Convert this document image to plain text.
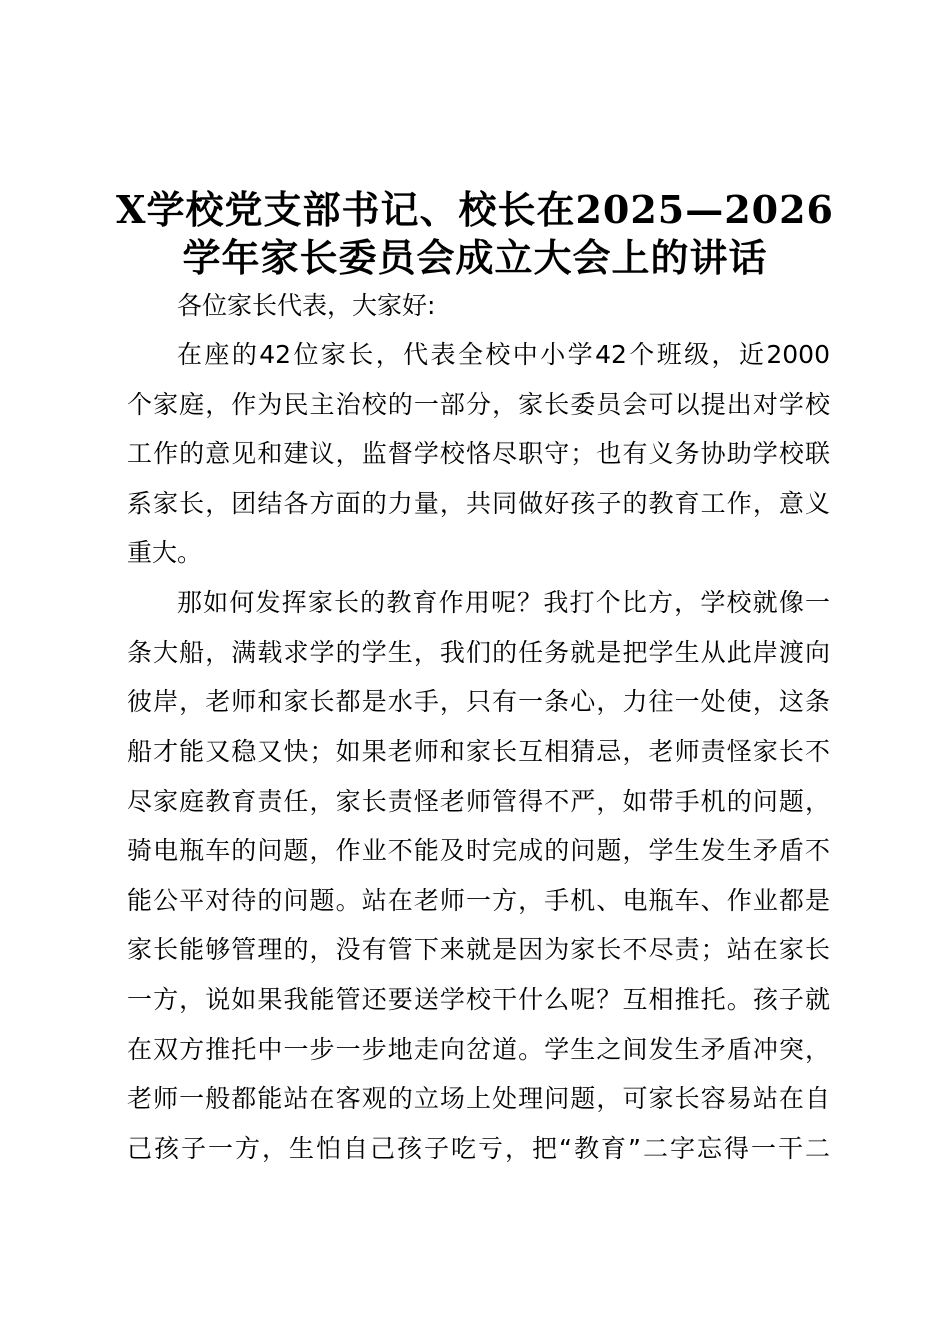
X学校党支部书记、校长在2025—2026
学年家长委员会成立大会上的讲话
各位家长代表，大家好:
在座的42位家长，代表全校中小学42个班级，近2000
个家庭，作为民主治校的一部分，家长委员会可以提出对学校
工作的意见和建议，监督学校恪尽职守；也有义务协助学校联
系家长，团结各方面的力量，共同做好孩子的教育工作，意义
重大。
那如何发挥家长的教育作用呢？我打个比方，学校就像一
条大船，满载求学的学生，我们的任务就是把学生从此岸渡向
彼岸，老师和家长都是水手，只有一条心，力往一处使，这条
船才能又稳又快；如果老师和家长互相猜忌，老师责怪家长不
尽家庭教育责任，家长责怪老师管得不严，如带手机的问题，
骑电瓶车的问题，作业不能及时完成的问题，学生发生矛盾不
能公平对待的问题。站在老师一方，手机、电瓶车、作业都是
家长能够管理的，没有管下来就是因为家长不尽责；站在家长
一方，说如果我能管还要送学校干什么呢？互相推托。孩子就
在双方推托中一步一步地走向岔道。学生之间发生矛盾冲突，
老师一般都能站在客观的立场上处理问题，可家长容易站在自
己孩子一方，生怕自己孩子吃亏，把“教育”二字忘得一干二
